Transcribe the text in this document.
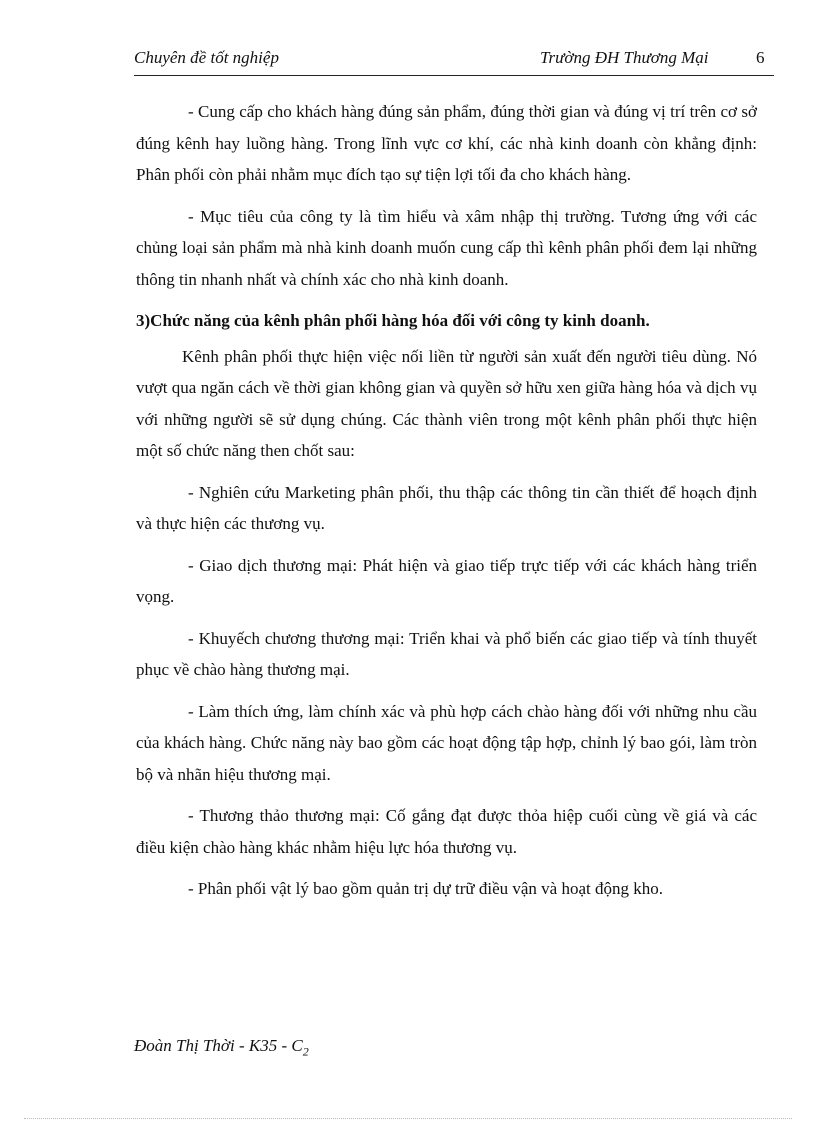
Chuyên đề tốt nghiệp	Trường ĐH Thương Mại	6

- Cung cấp cho khách hàng đúng sản phẩm, đúng thời gian và đúng vị trí trên cơ sở đúng kênh hay luồng hàng. Trong lĩnh vực cơ khí, các nhà kinh doanh còn khẳng định: Phân phối còn phải nhằm mục đích tạo sự tiện lợi tối đa cho khách hàng.

- Mục tiêu của công ty là tìm hiểu và xâm nhập thị trường. Tương ứng với các chủng loại sản phẩm mà nhà kinh doanh muốn cung cấp thì kênh phân phối đem lại những thông tin nhanh nhất và chính xác cho nhà kinh doanh.

3)Chức năng của kênh phân phối hàng hóa đối với công ty kinh doanh.

Kênh phân phối thực hiện việc nối liền từ người sản xuất đến người tiêu dùng. Nó vượt qua ngăn cách về thời gian không gian và quyền sở hữu xen giữa hàng hóa và dịch vụ với những người sẽ sử dụng chúng. Các thành viên trong một kênh phân phối thực hiện một số chức năng then chốt sau:

- Nghiên cứu Marketing phân phối, thu thập các thông tin cần thiết để hoạch định và thực hiện các thương vụ.

- Giao dịch thương mại: Phát hiện và giao tiếp trực tiếp với các khách hàng triển vọng.

- Khuyếch chương thương mại: Triển khai và phổ biến các giao tiếp và tính thuyết phục về chào hàng thương mại.

- Làm thích ứng, làm chính xác và phù hợp cách chào hàng đối với những nhu cầu của khách hàng. Chức năng này bao gồm các hoạt động tập hợp, chỉnh lý bao gói, làm tròn bộ và nhãn hiệu thương mại.

- Thương thảo thương mại: Cố gắng đạt được thỏa hiệp cuối cùng về giá và các điều kiện chào hàng khác nhằm hiệu lực hóa thương vụ.

- Phân phối vật lý bao gồm quản trị dự trữ điều vận và hoạt động kho.

Đoàn Thị Thời - $K35 - C_2$
